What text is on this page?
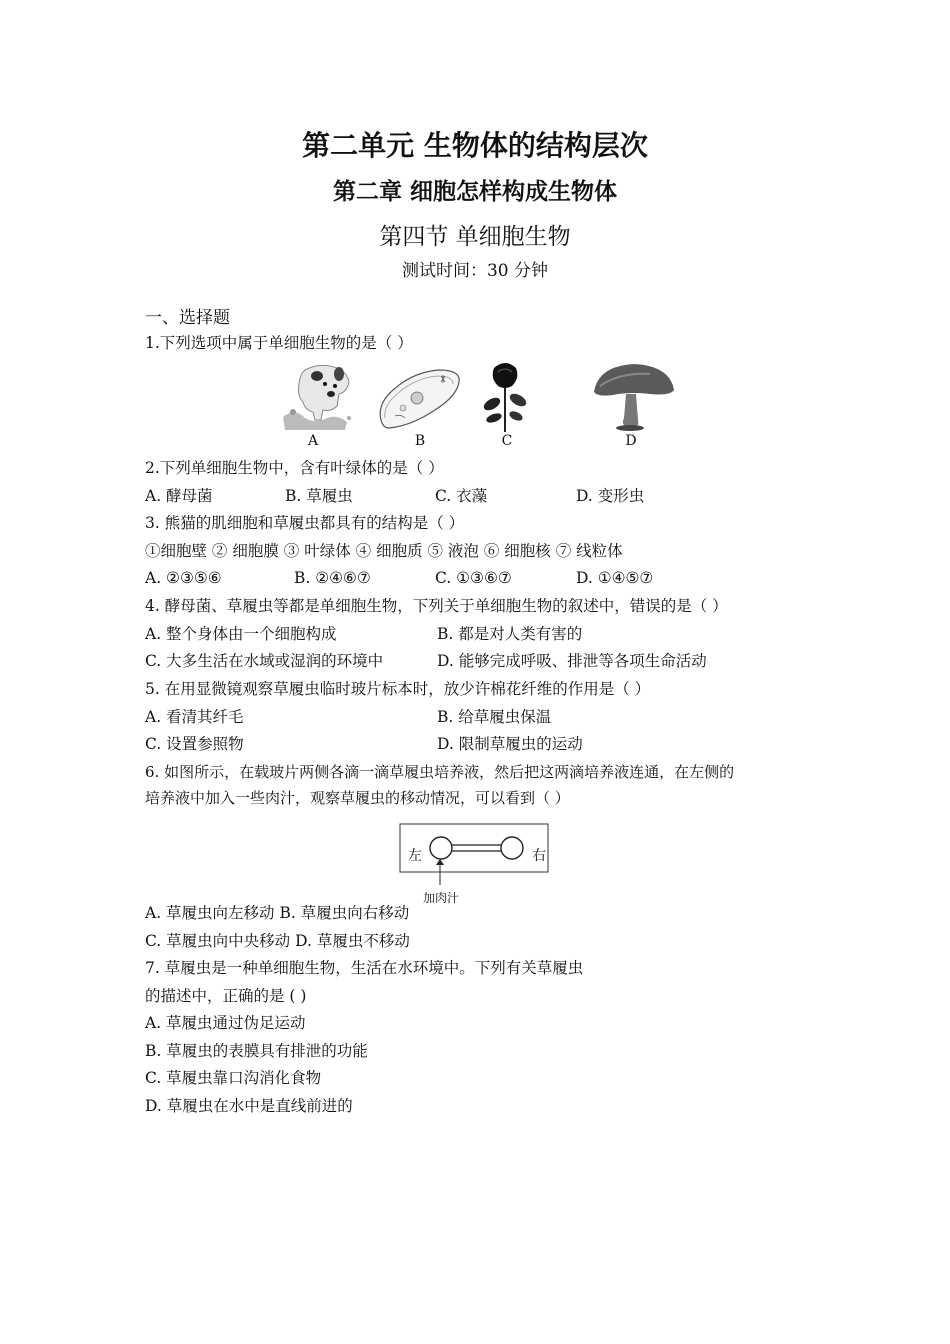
第二单元 生物体的结构层次
第二章 细胞怎样构成生物体
第四节 单细胞生物
测试时间：30 分钟
一、选择题
1.下列选项中属于单细胞生物的是（ ）
A	B	C	D
2.下列单细胞生物中，含有叶绿体的是（ ）
A. 酵母菌	B. 草履虫	C. 衣藻	D. 变形虫
3. 熊猫的肌细胞和草履虫都具有的结构是（ ）
①细胞壁 ② 细胞膜 ③ 叶绿体 ④ 细胞质 ⑤ 液泡 ⑥ 细胞核 ⑦ 线粒体
A. ②③⑤⑥	B. ②④⑥⑦	C. ①③⑥⑦	D. ①④⑤⑦
4. 酵母菌、草履虫等都是单细胞生物，下列关于单细胞生物的叙述中，错误的是（ ）
A. 整个身体由一个细胞构成	B. 都是对人类有害的
C. 大多生活在水域或湿润的环境中	D. 能够完成呼吸、排泄等各项生命活动
5. 在用显微镜观察草履虫临时玻片标本时，放少许棉花纤维的作用是（ ）
A. 看清其纤毛	B. 给草履虫保温
C. 设置参照物	D. 限制草履虫的运动
6. 如图所示，在载玻片两侧各滴一滴草履虫培养液，然后把这两滴培养液连通，在左侧的
培养液中加入一些肉汁，观察草履虫的移动情况，可以看到（ ）
左	右
加肉汁
A. 草履虫向左移动 B. 草履虫向右移动
C. 草履虫向中央移动 D. 草履虫不移动
7. 草履虫是一种单细胞生物，生活在水环境中。下列有关草履虫
的描述中，正确的是 ( )
A. 草履虫通过伪足运动
B. 草履虫的表膜具有排泄的功能
C. 草履虫靠口沟消化食物
D. 草履虫在水中是直线前进的
